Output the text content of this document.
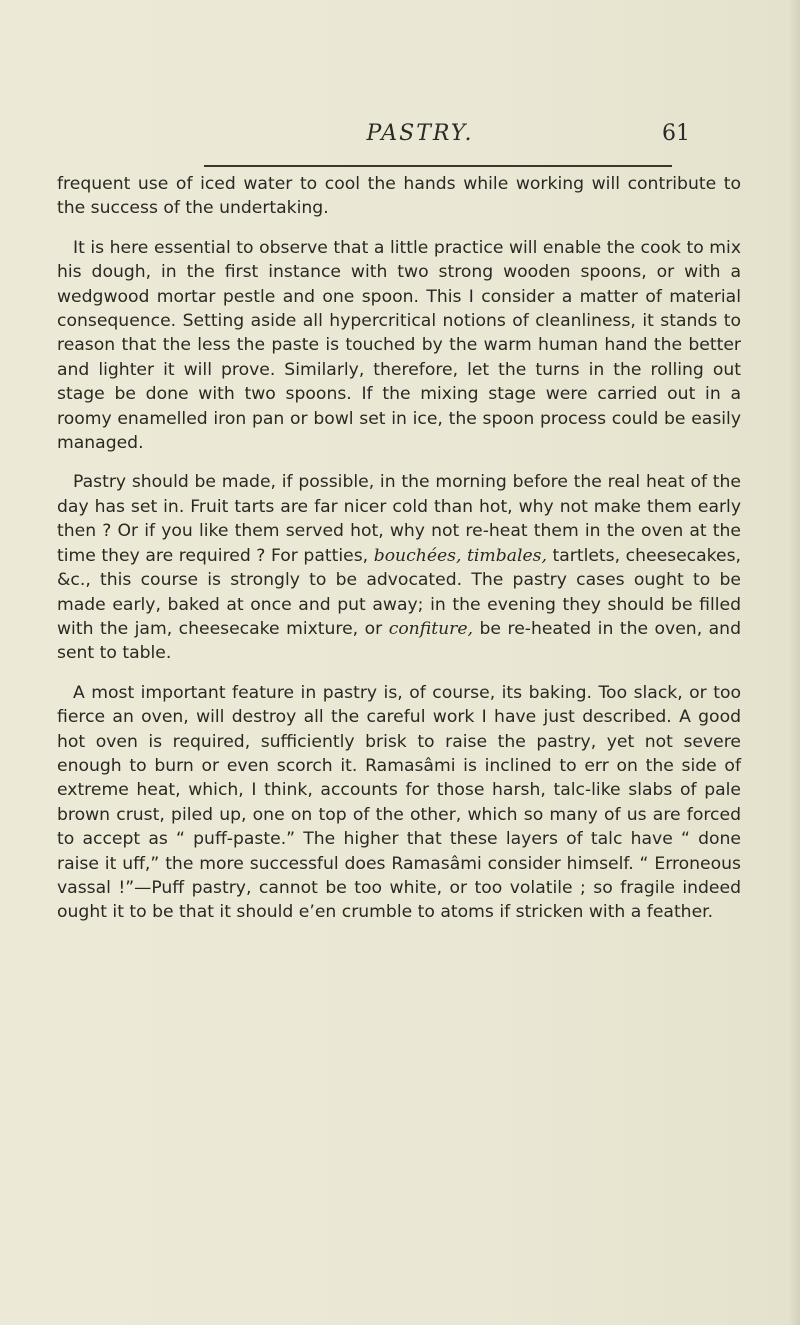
PASTRY.	61

frequent use of iced water to cool the hands while working will contribute to the success of the undertaking.

It is here essential to observe that a little practice will enable the cook to mix his dough, in the first instance with two strong wooden spoons, or with a wedgwood mortar pestle and one spoon. This I consider a matter of material consequence. Setting aside all hypercritical notions of cleanliness, it stands to reason that the less the paste is touched by the warm human hand the better and lighter it will prove. Similarly, therefore, let the turns in the rolling out stage be done with two spoons. If the mixing stage were carried out in a roomy enamelled iron pan or bowl set in ice, the spoon process could be easily managed.

Pastry should be made, if possible, in the morning before the real heat of the day has set in. Fruit tarts are far nicer cold than hot, why not make them early then ? Or if you like them served hot, why not re-heat them in the oven at the time they are required ? For patties, bouchées, timbales, tartlets, cheesecakes, &c., this course is strongly to be advocated. The pastry cases ought to be made early, baked at once and put away; in the evening they should be filled with the jam, cheesecake mixture, or confiture, be re-heated in the oven, and sent to table.

A most important feature in pastry is, of course, its baking. Too slack, or too fierce an oven, will destroy all the careful work I have just described. A good hot oven is required, sufficiently brisk to raise the pastry, yet not severe enough to burn or even scorch it. Ramasâmi is inclined to err on the side of extreme heat, which, I think, accounts for those harsh, talc-like slabs of pale brown crust, piled up, one on top of the other, which so many of us are forced to accept as “ puff-paste.” The higher that these layers of talc have “ done raise it uff,” the more successful does Ramasâmi consider himself. “ Erroneous vassal !”—Puff pastry, cannot be too white, or too volatile ; so fragile indeed ought it to be that it should e’en crumble to atoms if stricken with a feather.
